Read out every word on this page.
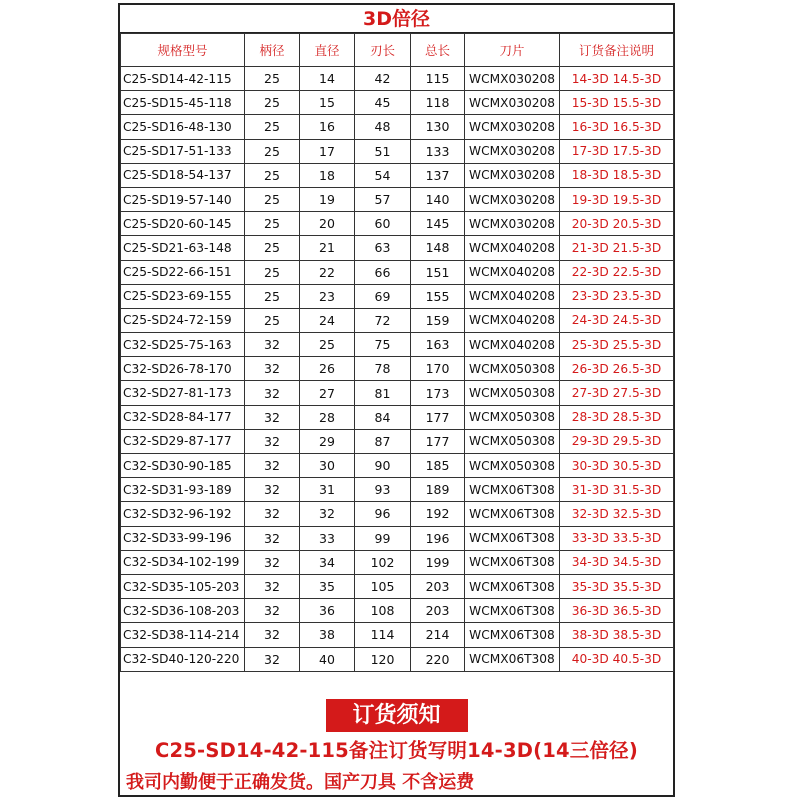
3D倍径
规格型号	柄径	直径	刃长	总长	刀片	订货备注说明
C25-SD14-42-115	25	14	42	115	WCMX030208	14-3D 14.5-3D
C25-SD15-45-118	25	15	45	118	WCMX030208	15-3D 15.5-3D
C25-SD16-48-130	25	16	48	130	WCMX030208	16-3D 16.5-3D
C25-SD17-51-133	25	17	51	133	WCMX030208	17-3D 17.5-3D
C25-SD18-54-137	25	18	54	137	WCMX030208	18-3D 18.5-3D
C25-SD19-57-140	25	19	57	140	WCMX030208	19-3D 19.5-3D
C25-SD20-60-145	25	20	60	145	WCMX030208	20-3D 20.5-3D
C25-SD21-63-148	25	21	63	148	WCMX040208	21-3D 21.5-3D
C25-SD22-66-151	25	22	66	151	WCMX040208	22-3D 22.5-3D
C25-SD23-69-155	25	23	69	155	WCMX040208	23-3D 23.5-3D
C25-SD24-72-159	25	24	72	159	WCMX040208	24-3D 24.5-3D
C32-SD25-75-163	32	25	75	163	WCMX040208	25-3D 25.5-3D
C32-SD26-78-170	32	26	78	170	WCMX050308	26-3D 26.5-3D
C32-SD27-81-173	32	27	81	173	WCMX050308	27-3D 27.5-3D
C32-SD28-84-177	32	28	84	177	WCMX050308	28-3D 28.5-3D
C32-SD29-87-177	32	29	87	177	WCMX050308	29-3D 29.5-3D
C32-SD30-90-185	32	30	90	185	WCMX050308	30-3D 30.5-3D
C32-SD31-93-189	32	31	93	189	WCMX06T308	31-3D 31.5-3D
C32-SD32-96-192	32	32	96	192	WCMX06T308	32-3D 32.5-3D
C32-SD33-99-196	32	33	99	196	WCMX06T308	33-3D 33.5-3D
C32-SD34-102-199	32	34	102	199	WCMX06T308	34-3D 34.5-3D
C32-SD35-105-203	32	35	105	203	WCMX06T308	35-3D 35.5-3D
C32-SD36-108-203	32	36	108	203	WCMX06T308	36-3D 36.5-3D
C32-SD38-114-214	32	38	114	214	WCMX06T308	38-3D 38.5-3D
C32-SD40-120-220	32	40	120	220	WCMX06T308	40-3D 40.5-3D
订货须知
C25-SD14-42-115备注订货写明14-3D(14三倍径)
我司内勤便于正确发货。国产刀具 不含运费
